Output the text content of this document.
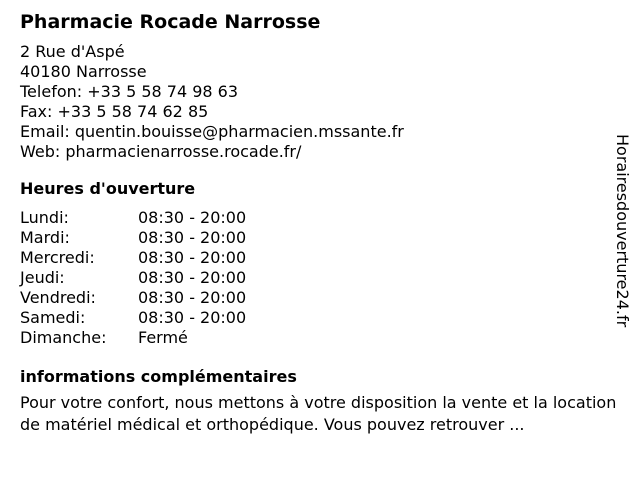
Pharmacie Rocade Narrosse
2 Rue d'Aspé
40180 Narrosse
Telefon: +33 5 58 74 98 63
Fax: +33 5 58 74 62 85
Email: quentin.bouisse@pharmacien.mssante.fr
Web: pharmacienarrosse.rocade.fr/
Heures d'ouverture
Lundi:	08:30 - 20:00
Mardi:	08:30 - 20:00
Mercredi:	08:30 - 20:00
Jeudi:	08:30 - 20:00
Vendredi:	08:30 - 20:00
Samedi:	08:30 - 20:00
Dimanche:	Fermé
informations complémentaires
Pour votre confort, nous mettons à votre disposition la vente et la location de matériel médical et orthopédique. Vous pouvez retrouver ...
Horairesdouverture24.fr
